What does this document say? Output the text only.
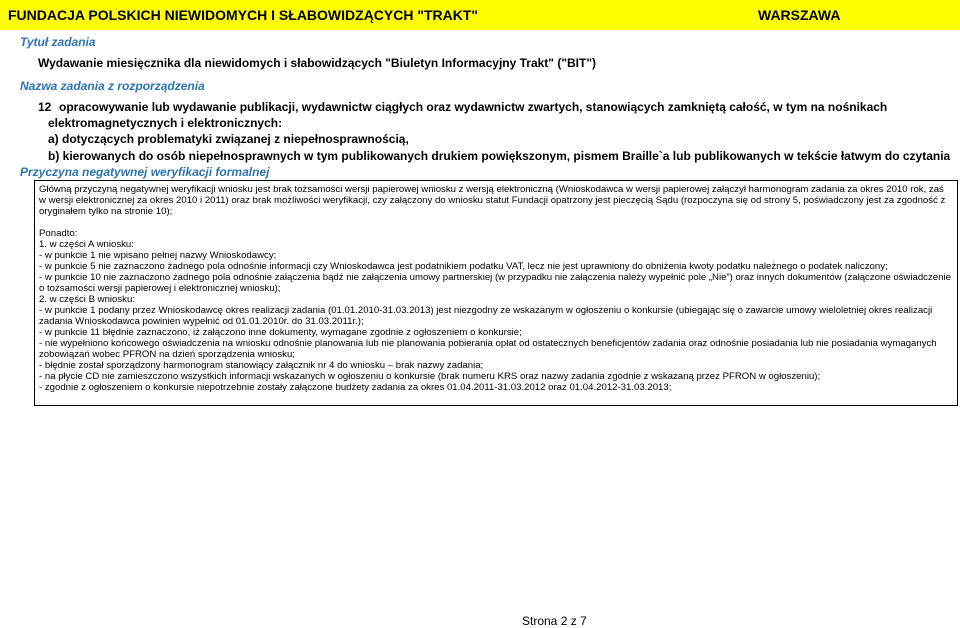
FUNDACJA POLSKICH NIEWIDOMYCH I SŁABOWIDZĄCYCH "TRAKT"	WARSZAWA
Tytuł zadania
Wydawanie miesięcznika dla niewidomych i słabowidzących "Biuletyn Informacyjny Trakt" ("BIT")
Nazwa zadania z rozporządzenia
12 opracowywanie lub wydawanie publikacji, wydawnictw ciągłych oraz wydawnictw zwartych, stanowiących zamkniętą całość, w tym na nośnikach
elektromagnetycznych i elektronicznych:
a) dotyczących problematyki związanej z niepełnosprawnością,
b) kierowanych do osób niepełnosprawnych w tym publikowanych drukiem powiększonym, pismem Braille`a lub publikowanych w tekście łatwym do czytania
Przyczyna negatywnej weryfikacji formalnej
Główną przyczyną negatywnej weryfikacji wniosku jest brak tożsamości wersji papierowej wniosku z wersją elektroniczną (Wnioskodawca w wersji papierowej załączył harmonogram zadania za okres 2010 rok, zaś
w wersji elektronicznej za okres 2010 i 2011) oraz brak możliwości weryfikacji, czy załączony do wniosku statut Fundacji opatrzony jest pieczęcią Sądu (rozpoczyna się od strony 5, poświadczony jest za zgodność z
oryginałem tylko na stronie 10);
Ponadto:
1. w części A wniosku:
- w punkcie 1 nie wpisano pełnej nazwy Wnioskodawcy;
- w punkcie 5 nie zaznaczono żadnego pola odnośnie informacji czy Wnioskodawca jest podatnikiem podatku VAT, lecz nie jest uprawniony do obniżenia kwoty podatku należnego o podatek naliczony;
- w punkcie 10 nie zaznaczono żadnego pola odnośnie załączenia bądź nie załączenia umowy partnerskiej (w przypadku nie załączenia należy wypełnić pole „Nie”) oraz innych dokumentów (załączone oświadczenie
o tożsamości wersji papierowej i elektronicznej wniosku);
2. w części B wniosku:
- w punkcie 1 podany przez Wnioskodawcę okres realizacji zadania (01.01.2010-31.03.2013) jest niezgodny ze wskazanym w ogłoszeniu o konkursie (ubiegając się o zawarcie umowy wieloletniej okres realizacji
zadania Wnioskodawca powinien wypełnić od 01.01.2010r. do 31.03.2011r.);
- w punkcie 11 błędnie zaznaczono, iż załączono inne dokumenty, wymagane zgodnie z ogłoszeniem o konkursie;
- nie wypełniono końcowego oświadczenia na wniosku odnośnie planowania lub nie planowania pobierania opłat od ostatecznych beneficjentów zadania oraz odnośnie posiadania lub nie posiadania wymaganych
zobowiązań wobec PFRON na dzień sporządzenia wniosku;
- błędnie został sporządzony harmonogram stanowiący załącznik nr 4 do wniosku – brak nazwy zadania;
- na płycie CD nie zamieszczono wszystkich informacji wskazanych w ogłoszeniu o konkursie (brak numeru KRS oraz nazwy zadania zgodnie z wskazaną przez PFRON w ogłoszeniu);
- zgodnie z ogłoszeniem o konkursie niepotrzebnie zostały załączone budżety zadania za okres 01.04.2011-31.03.2012 oraz 01.04.2012-31.03.2013;
Strona 2 z 7
